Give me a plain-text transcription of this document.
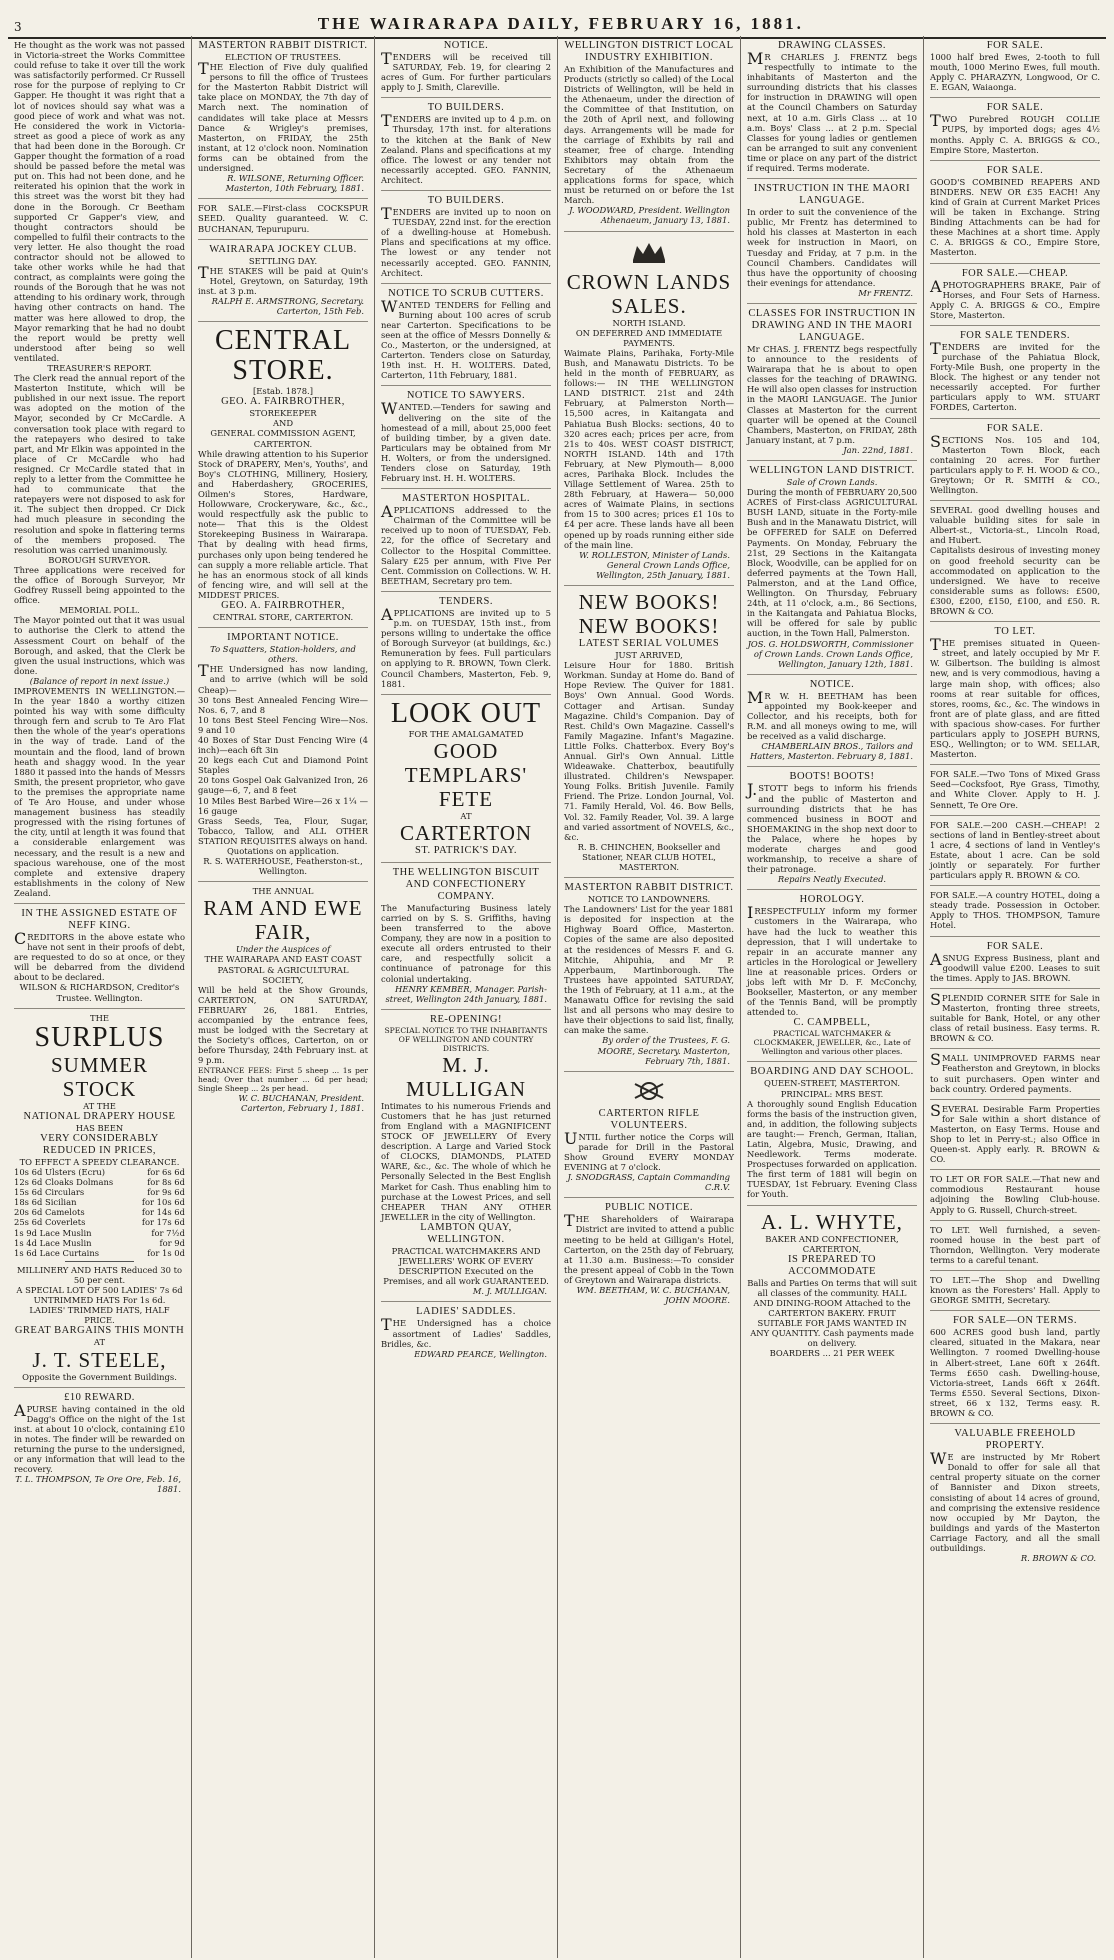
3	THE WAIRARAPA DAILY, FEBRUARY 16, 1881.

He thought as the work was not passed in Victoria-street the Works Committee could refuse to take it over till the work was satisfactorily performed. Cr Russell rose for the purpose of replying to Cr Gapper. He thought it was right that a lot of novices should say what was a good piece of work and what was not. He considered the work in Victoria-street as good a piece of work as any that had been done in the Borough. Cr Gapper thought the formation of a road should be passed before the metal was put on. This had not been done, and he reiterated his opinion that the work in this street was the worst bit they had done in the Borough. Cr Beetham supported Cr Gapper's view, and thought contractors should be compelled to fulfil their contracts to the very letter. He also thought the road contractor should not be allowed to take other works while he had that contract, as complaints were going the rounds of the Borough that he was not attending to his ordinary work, through having other contracts on hand. The matter was here allowed to drop, the Mayor remarking that he had no doubt the report would be pretty well understood after being so well ventilated.

TREASURER'S REPORT.

The Clerk read the annual report of the Masterton Institute, which will be published in our next issue. The report was adopted on the motion of the Mayor, seconded by Cr McCardle. A conversation took place with regard to the ratepayers who desired to take part, and Mr Elkin was appointed in the place of Cr McCardle who had resigned. Cr McCardle stated that in reply to a letter from the Committee he had to communicate that the ratepayers were not disposed to ask for it. The subject then dropped. Cr Dick had much pleasure in seconding the resolution and spoke in flattering terms of the members proposed. The resolution was carried unanimously.

BOROUGH SURVEYOR.

Three applications were received for the office of Borough Surveyor, Mr Godfrey Russell being appointed to the office.

MEMORIAL POLL.

The Mayor pointed out that it was usual to authorise the Clerk to attend the Assessment Court on behalf of the Borough, and asked, that the Clerk be given the usual instructions, which was done.

(Balance of report in next issue.)

IMPROVEMENTS IN WELLINGTON.—In the year 1840 a worthy citizen pointed his way with some difficulty through fern and scrub to Te Aro Flat then the whole of the year's operations in the way of trade. Land of the mountain and the flood, land of brown heath and shaggy wood. In the year 1880 it passed into the hands of Messrs Smith, the present proprietor, who gave to the premises the appropriate name of Te Aro House, and under whose management business has steadily progressed with the rising fortunes of the city, until at length it was found that a considerable enlargement was necessary, and the result is a new and spacious warehouse, one of the most complete and extensive drapery establishments in the colony of New Zealand.

IN THE ASSIGNED ESTATE OF NEFF KING.

CREDITORS in the above estate who have not sent in their proofs of debt, are requested to do so at once, or they will be debarred from the dividend about to be declared.

WILSON & RICHARDSON, Creditor's Trustee. Wellington.

THE

SURPLUS

SUMMER STOCK

AT THE

NATIONAL DRAPERY HOUSE

HAS BEEN

VERY CONSIDERABLY REDUCED IN PRICES,

TO EFFECT A SPEEDY CLEARANCE.

10s 6d Ulsters (Ecru)	for 6s 6d
12s 6d Cloaks Dolmans	for 8s 6d
15s 6d Circulars	for 9s 6d
18s 6d Sicilian	for 10s 6d
20s 6d Camelots	for 14s 6d
25s 6d Coverlets	for 17s 6d
1s 9d Lace Muslin	for 7½d
1s 4d Lace Muslin	for 9d
1s 6d Lace Curtains	for 1s 0d

MILLINERY AND HATS Reduced 30 to 50 per cent.

A SPECIAL LOT OF 500 LADIES' 7s 6d UNTRIMMED HATS For 1s 6d.

LADIES' TRIMMED HATS, HALF PRICE.

GREAT BARGAINS THIS MONTH

AT

J. T. STEELE,

Opposite the Government Buildings.

£10 REWARD.

APURSE having contained in the old Dagg's Office on the night of the 1st inst. at about 10 o'clock, containing £10 in notes. The finder will be rewarded on returning the purse to the undersigned, or any information that will lead to the recovery.

T. L. THOMPSON, Te Ore Ore, Feb. 16, 1881.

MASTERTON RABBIT DISTRICT.

ELECTION OF TRUSTEES.

THE Election of Five duly qualified persons to fill the office of Trustees for the Masterton Rabbit District will take place on MONDAY, the 7th day of March next. The nomination of candidates will take place at Messrs Dance & Wrigley's premises, Masterton, on FRIDAY, the 25th instant, at 12 o'clock noon. Nomination forms can be obtained from the undersigned.

R. WILSONE, Returning Officer. Masterton, 10th February, 1881.

FOR SALE.—First-class COCKSPUR SEED. Quality guaranteed. W. C. BUCHANAN, Tepurupuru.

WAIRARAPA JOCKEY CLUB.

SETTLING DAY.

THE STAKES will be paid at Quin's Hotel, Greytown, on Saturday, 19th inst. at 3 p.m.

RALPH E. ARMSTRONG, Secretary. Carterton, 15th Feb.

CENTRAL STORE.

[Estab. 1878.]

GEO. A. FAIRBROTHER,

STOREKEEPER

AND

GENERAL COMMISSION AGENT,

CARTERTON.

While drawing attention to his Superior Stock of DRAPERY, Men's, Youths', and Boy's CLOTHING, Millinery, Hosiery, and Haberdashery, GROCERIES, Oilmen's Stores, Hardware, Hollowware, Crockeryware, &c., &c., would respectfully ask the public to note— That this is the Oldest Storekeeping Business in Wairarapa. That by dealing with head firms, purchases only upon being tendered he can supply a more reliable article. That he has an enormous stock of all kinds of fencing wire, and will sell at the MIDDEST PRICES.

GEO. A. FAIRBROTHER,

CENTRAL STORE, CARTERTON.

IMPORTANT NOTICE.

To Squatters, Station-holders, and others.

THE Undersigned has now landing, and to arrive (which will be sold Cheap)—

30 tons Best Annealed Fencing Wire—Nos. 6, 7, and 8

10 tons Best Steel Fencing Wire—Nos. 9 and 10

40 Boxes of Star Dust Fencing Wire (4 inch)—each 6ft 3in

20 kegs each Cut and Diamond Point Staples

20 tons Gospel Oak Galvanized Iron, 26 gauge—6, 7, and 8 feet

10 Miles Best Barbed Wire—26 x 1¼ —16 gauge

Grass Seeds, Tea, Flour, Sugar, Tobacco, Tallow, and ALL OTHER STATION REQUISITES always on hand.

Quotations on application.

R. S. WATERHOUSE, Featherston-st., Wellington.

THE ANNUAL

RAM AND EWE FAIR,

Under the Auspices of

THE WAIRARAPA AND EAST COAST PASTORAL & AGRICULTURAL SOCIETY,

Will be held at the Show Grounds, CARTERTON, ON SATURDAY, FEBRUARY 26, 1881. Entries, accompanied by the entrance fees, must be lodged with the Secretary at the Society's offices, Carterton, on or before Thursday, 24th February inst. at 9 p.m.

ENTRANCE FEES: First 5 sheep ... 1s per head; Over that number ... 6d per head; Single Sheep ... 2s per head.

W. C. BUCHANAN, President. Carterton, February 1, 1881.

NOTICE.

TENDERS will be received till SATURDAY, Feb. 19, for clearing 2 acres of Gum. For further particulars apply to J. Smith, Clareville.

TO BUILDERS.

TENDERS are invited up to 4 p.m. on Thursday, 17th inst. for alterations to the kitchen at the Bank of New Zealand. Plans and specifications at my office. The lowest or any tender not necessarily accepted. GEO. FANNIN, Architect.

TO BUILDERS.

TENDERS are invited up to noon on TUESDAY, 22nd inst. for the erection of a dwelling-house at Homebush. Plans and specifications at my office. The lowest or any tender not necessarily accepted. GEO. FANNIN, Architect.

NOTICE TO SCRUB CUTTERS.

WANTED TENDERS for Felling and Burning about 100 acres of scrub near Carterton. Specifications to be seen at the office of Messrs Donnelly & Co., Masterton, or the undersigned, at Carterton. Tenders close on Saturday, 19th inst. H. H. WOLTERS. Dated, Carterton, 11th February, 1881.

NOTICE TO SAWYERS.

WANTED.—Tenders for sawing and delivering on the site of the homestead of a mill, about 25,000 feet of building timber, by a given date. Particulars may be obtained from Mr H. Wolters, or from the undersigned. Tenders close on Saturday, 19th February inst. H. H. WOLTERS.

MASTERTON HOSPITAL.

APPLICATIONS addressed to the Chairman of the Committee will be received up to noon of TUESDAY, Feb. 22, for the office of Secretary and Collector to the Hospital Committee. Salary £25 per annum, with Five Per Cent. Commission on Collections. W. H. BEETHAM, Secretary pro tem.

TENDERS.

APPLICATIONS are invited up to 5 p.m. on TUESDAY, 15th inst., from persons willing to undertake the office of Borough Surveyor (at buildings, &c.) Remuneration by fees. Full particulars on applying to R. BROWN, Town Clerk. Council Chambers, Masterton, Feb. 9, 1881.

LOOK OUT

FOR THE AMALGAMATED

GOOD TEMPLARS' FETE

AT

CARTERTON

ST. PATRICK'S DAY.

THE WELLINGTON BISCUIT AND CONFECTIONERY COMPANY.

The Manufacturing Business lately carried on by S. S. Griffiths, having been transferred to the above Company, they are now in a position to execute all orders entrusted to their care, and respectfully solicit a continuance of patronage for this colonial undertaking.

HENRY KEMBER, Manager. Parish-street, Wellington 24th January, 1881.

RE-OPENING!

SPECIAL NOTICE TO THE INHABITANTS OF WELLINGTON AND COUNTRY DISTRICTS.

M. J. MULLIGAN

Intimates to his numerous Friends and Customers that he has just returned from England with a MAGNIFICENT STOCK OF JEWELLERY Of Every description. A Large and Varied Stock of CLOCKS, DIAMONDS, PLATED WARE, &c., &c. The whole of which he Personally Selected in the Best English Market for Cash. Thus enabling him to purchase at the Lowest Prices, and sell CHEAPER THAN ANY OTHER JEWELLER in the city of Wellington.

LAMBTON QUAY, WELLINGTON.

PRACTICAL WATCHMAKERS AND JEWELLERS' WORK OF EVERY DESCRIPTION Executed on the Premises, and all work GUARANTEED.

M. J. MULLIGAN.

LADIES' SADDLES.

THE Undersigned has a choice assortment of Ladies' Saddles, Bridles, &c.

EDWARD PEARCE, Wellington.

WELLINGTON DISTRICT LOCAL INDUSTRY EXHIBITION.

An Exhibition of the Manufactures and Products (strictly so called) of the Local Districts of Wellington, will be held in the Athenaeum, under the direction of the Committee of that Institution, on the 20th of April next, and following days. Arrangements will be made for the carriage of Exhibits by rail and steamer, free of charge. Intending Exhibitors may obtain from the Secretary of the Athenaeum applications forms for space, which must be returned on or before the 1st March.

J. WOODWARD, President. Wellington Athenaeum, January 13, 1881.

CROWN LANDS SALES.

NORTH ISLAND.

ON DEFERRED AND IMMEDIATE PAYMENTS.

Waimate Plains, Parihaka, Forty-Mile Bush, and Manawatu Districts. To be held in the month of FEBRUARY, as follows:— IN THE WELLINGTON LAND DISTRICT. 21st and 24th February, at Palmerston North— 15,500 acres, in Kaitangata and Pahiatua Bush Blocks: sections, 40 to 320 acres each; prices per acre, from 21s to 40s. WEST COAST DISTRICT, NORTH ISLAND. 14th and 17th February, at New Plymouth— 8,000 acres, Parihaka Block. Includes the Village Settlement of Warea. 25th to 28th February, at Hawera— 50,000 acres of Waimate Plains, in sections from 15 to 300 acres; prices £1 10s to £4 per acre. These lands have all been opened up by roads running either side of the main line.

W. ROLLESTON, Minister of Lands. General Crown Lands Office, Wellington, 25th January, 1881.

NEW BOOKS! NEW BOOKS!

LATEST SERIAL VOLUMES

JUST ARRIVED,

Leisure Hour for 1880. British Workman. Sunday at Home do. Band of Hope Review. The Quiver for 1881. Boys' Own Annual. Good Words. Cottager and Artisan. Sunday Magazine. Child's Companion. Day of Rest. Child's Own Magazine. Cassell's Family Magazine. Infant's Magazine. Little Folks. Chatterbox. Every Boy's Annual. Girl's Own Annual. Little Wideawake. Chatterbox, beautifully illustrated. Children's Newspaper. Young Folks. British Juvenile. Family Friend. The Prize. London Journal, Vol. 71. Family Herald, Vol. 46. Bow Bells, Vol. 32. Family Reader, Vol. 39. A large and varied assortment of NOVELS, &c., &c.

R. B. CHINCHEN, Bookseller and Stationer, NEAR CLUB HOTEL, MASTERTON.

MASTERTON RABBIT DISTRICT.

NOTICE TO LANDOWNERS.

The Landowners' List for the year 1881 is deposited for inspection at the Highway Board Office, Masterton. Copies of the same are also deposited at the residences of Messrs F. and G. Mitchie, Ahipuhia, and Mr P. Apperbaum, Martinborough. The Trustees have appointed SATURDAY, the 19th of February, at 11 a.m., at the Manawatu Office for revising the said list and all persons who may desire to have their objections to said list, finally, can make the same.

By order of the Trustees, F. G. MOORE, Secretary. Masterton, February 7th, 1881.

CARTERTON RIFLE VOLUNTEERS.

UNTIL further notice the Corps will parade for Drill in the Pastoral Show Ground EVERY MONDAY EVENING at 7 o'clock.

J. SNODGRASS, Captain Commanding C.R.V.

PUBLIC NOTICE.

THE Shareholders of Wairarapa District are invited to attend a public meeting to be held at Gilligan's Hotel, Carterton, on the 25th day of February, at 11.30 a.m. Business:—To consider the present appeal of Cobb in the Town of Greytown and Wairarapa districts.

WM. BEETHAM, W. C. BUCHANAN, JOHN MOORE.

DRAWING CLASSES.

MR CHARLES J. FRENTZ begs respectfully to intimate to the inhabitants of Masterton and the surrounding districts that his classes for instruction in DRAWING will open at the Council Chambers on Saturday next, at 10 a.m. Girls Class ... at 10 a.m. Boys' Class ... at 2 p.m. Special Classes for young ladies or gentlemen can be arranged to suit any convenient time or place on any part of the district if required. Terms moderate.

INSTRUCTION IN THE MAORI LANGUAGE.

In order to suit the convenience of the public, Mr Frentz has determined to hold his classes at Masterton in each week for instruction in Maori, on Tuesday and Friday, at 7 p.m. in the Council Chambers. Candidates will thus have the opportunity of choosing their evenings for attendance.

Mr FRENTZ.

CLASSES FOR INSTRUCTION IN DRAWING AND IN THE MAORI LANGUAGE.

Mr CHAS. J. FRENTZ begs respectfully to announce to the residents of Wairarapa that he is about to open classes for the teaching of DRAWING. He will also open classes for instruction in the MAORI LANGUAGE. The Junior Classes at Masterton for the current quarter will be opened at the Council Chambers, Masterton, on FRIDAY, 28th January instant, at 7 p.m.

Jan. 22nd, 1881.

WELLINGTON LAND DISTRICT.

Sale of Crown Lands.

During the month of FEBRUARY 20,500 ACRES of First-class AGRICULTURAL BUSH LAND, situate in the Forty-mile Bush and in the Manawatu District, will be OFFERED for SALE on Deferred Payments. On Monday, February the 21st, 29 Sections in the Kaitangata Block, Woodville, can be applied for on deferred payments at the Town Hall, Palmerston, and at the Land Office, Wellington. On Thursday, February 24th, at 11 o'clock, a.m., 86 Sections, in the Kaitangata and Pahiatua Blocks, will be offered for sale by public auction, in the Town Hall, Palmerston.

JOS. G. HOLDSWORTH, Commissioner of Crown Lands. Crown Lands Office, Wellington, January 12th, 1881.

NOTICE.

MR W. H. BEETHAM has been appointed my Book-keeper and Collector, and his receipts, both for R.M. and all moneys owing to me, will be received as a valid discharge.

CHAMBERLAIN BROS., Tailors and Hatters, Masterton. February 8, 1881.

BOOTS! BOOTS!

J.STOTT begs to inform his friends and the public of Masterton and surrounding districts that he has commenced business in BOOT and SHOEMAKING in the shop next door to the Palace, where he hopes by moderate charges and good workmanship, to receive a share of their patronage.

Repairs Neatly Executed.

HOROLOGY.

IRESPECTFULLY inform my former customers in the Wairarapa, who have had the luck to weather this depression, that I will undertake to repair in an accurate manner any articles in the Horological or Jewellery line at reasonable prices. Orders or jobs left with Mr D. F. McConchy, Bookseller, Masterton, or any member of the Tennis Band, will be promptly attended to.

C. CAMPBELL,

PRACTICAL WATCHMAKER & CLOCKMAKER, JEWELLER, &c., Late of Wellington and various other places.

BOARDING AND DAY SCHOOL.

QUEEN-STREET, MASTERTON.

PRINCIPAL: MRS BEST.

A thoroughly sound English Education forms the basis of the instruction given, and, in addition, the following subjects are taught:— French, German, Italian, Latin, Algebra, Music, Drawing, and Needlework. Terms moderate. Prospectuses forwarded on application. The first term of 1881 will begin on TUESDAY, 1st February. Evening Class for Youth.

A. L. WHYTE,

BAKER AND CONFECTIONER, CARTERTON,

IS PREPARED TO ACCOMMODATE

Balls and Parties On terms that will suit all classes of the community. HALL AND DINING-ROOM Attached to the CARTERTON BAKERY. FRUIT SUITABLE FOR JAMS WANTED IN ANY QUANTITY. Cash payments made on delivery.

BOARDERS ... 21 PER WEEK

FOR SALE.

1000 half bred Ewes, 2-tooth to full mouth, 1000 Merino Ewes, full mouth. Apply C. PHARAZYN, Longwood, Or C. E. EGAN, Waiaonga.

FOR SALE.

TWO Purebred ROUGH COLLIE PUPS, by imported dogs; ages 4½ months. Apply C. A. BRIGGS & CO., Empire Store, Masterton.

FOR SALE.

GOOD'S COMBINED REAPERS AND BINDERS. NEW OR £35 EACH! Any kind of Grain at Current Market Prices will be taken in Exchange. String Binding Attachments can be had for these Machines at a short time. Apply C. A. BRIGGS & CO., Empire Store, Masterton.

FOR SALE.—CHEAP.

APHOTOGRAPHERS BRAKE, Pair of Horses, and Four Sets of Harness. Apply C. A. BRIGGS & CO., Empire Store, Masterton.

FOR SALE TENDERS.

TENDERS are invited for the purchase of the Pahiatua Block, Forty-Mile Bush, one property in the Block. The highest or any tender not necessarily accepted. For further particulars apply to WM. STUART FORDES, Carterton.

FOR SALE.

SECTIONS Nos. 105 and 104, Masterton Town Block, each containing 20 acres. For further particulars apply to F. H. WOOD & CO., Greytown; Or R. SMITH & CO., Wellington.

SEVERAL good dwelling houses and valuable building sites for sale in Albert-st., Victoria-st., Lincoln Road, and Hubert.

Capitalists desirous of investing money on good freehold security can be accommodated on application to the undersigned. We have to receive considerable sums as follows: £500, £300, £200, £150, £100, and £50. R. BROWN & CO.

TO LET.

THE premises situated in Queen-street, and lately occupied by Mr F. W. Gilbertson. The building is almost new, and is very commodious, having a large main shop, with offices; also rooms at rear suitable for offices, stores, rooms, &c., &c. The windows in front are of plate glass, and are fitted with spacious show-cases. For further particulars apply to JOSEPH BURNS, ESQ., Wellington; or to WM. SELLAR, Masterton.

FOR SALE.—Two Tons of Mixed Grass Seed—Cocksfoot, Rye Grass, Timothy, and White Clover. Apply to H. J. Sennett, Te Ore Ore.

FOR SALE.—200 CASH.—CHEAP! 2 sections of land in Bentley-street about 1 acre, 4 sections of land in Ventley's Estate, about 1 acre. Can be sold jointly or separately. For further particulars apply R. BROWN & CO.

FOR SALE.—A country HOTEL, doing a steady trade. Possession in October. Apply to THOS. THOMPSON, Tamure Hotel.

FOR SALE.

ASNUG Express Business, plant and goodwill value £200. Leases to suit the times. Apply to JAS. BROWN.

SPLENDID CORNER SITE for Sale in Masterton, fronting three streets, suitable for Bank, Hotel, or any other class of retail business. Easy terms. R. BROWN & CO.

SMALL UNIMPROVED FARMS near Featherston and Greytown, in blocks to suit purchasers. Open winter and back country. Ordered payments.

SEVERAL Desirable Farm Properties for Sale within a short distance of Masterton, on Easy Terms. House and Shop to let in Perry-st.; also Office in Queen-st. Apply early. R. BROWN & CO.

TO LET OR FOR SALE.—That new and commodious Restaurant house adjoining the Bowling Club-house. Apply to G. Russell, Church-street.

TO LET. Well furnished, a seven-roomed house in the best part of Thorndon, Wellington. Very moderate terms to a careful tenant.

TO LET.—The Shop and Dwelling known as the Foresters' Hall. Apply to GEORGE SMITH, Secretary.

FOR SALE—ON TERMS.

600 ACRES good bush land, partly cleared, situated in the Makara, near Wellington. 7 roomed Dwelling-house in Albert-street, Lane 60ft x 264ft. Terms £650 cash. Dwelling-house, Victoria-street, Lands 66ft x 264ft. Terms £550. Several Sections, Dixon-street, 66 x 132, Terms easy. R. BROWN & CO.

VALUABLE FREEHOLD PROPERTY.

WE are instructed by Mr Robert Donald to offer for sale all that central property situate on the corner of Bannister and Dixon streets, consisting of about 14 acres of ground, and comprising the extensive residence now occupied by Mr Dayton, the buildings and yards of the Masterton Carriage Factory, and all the small outbuildings.

R. BROWN & CO.
